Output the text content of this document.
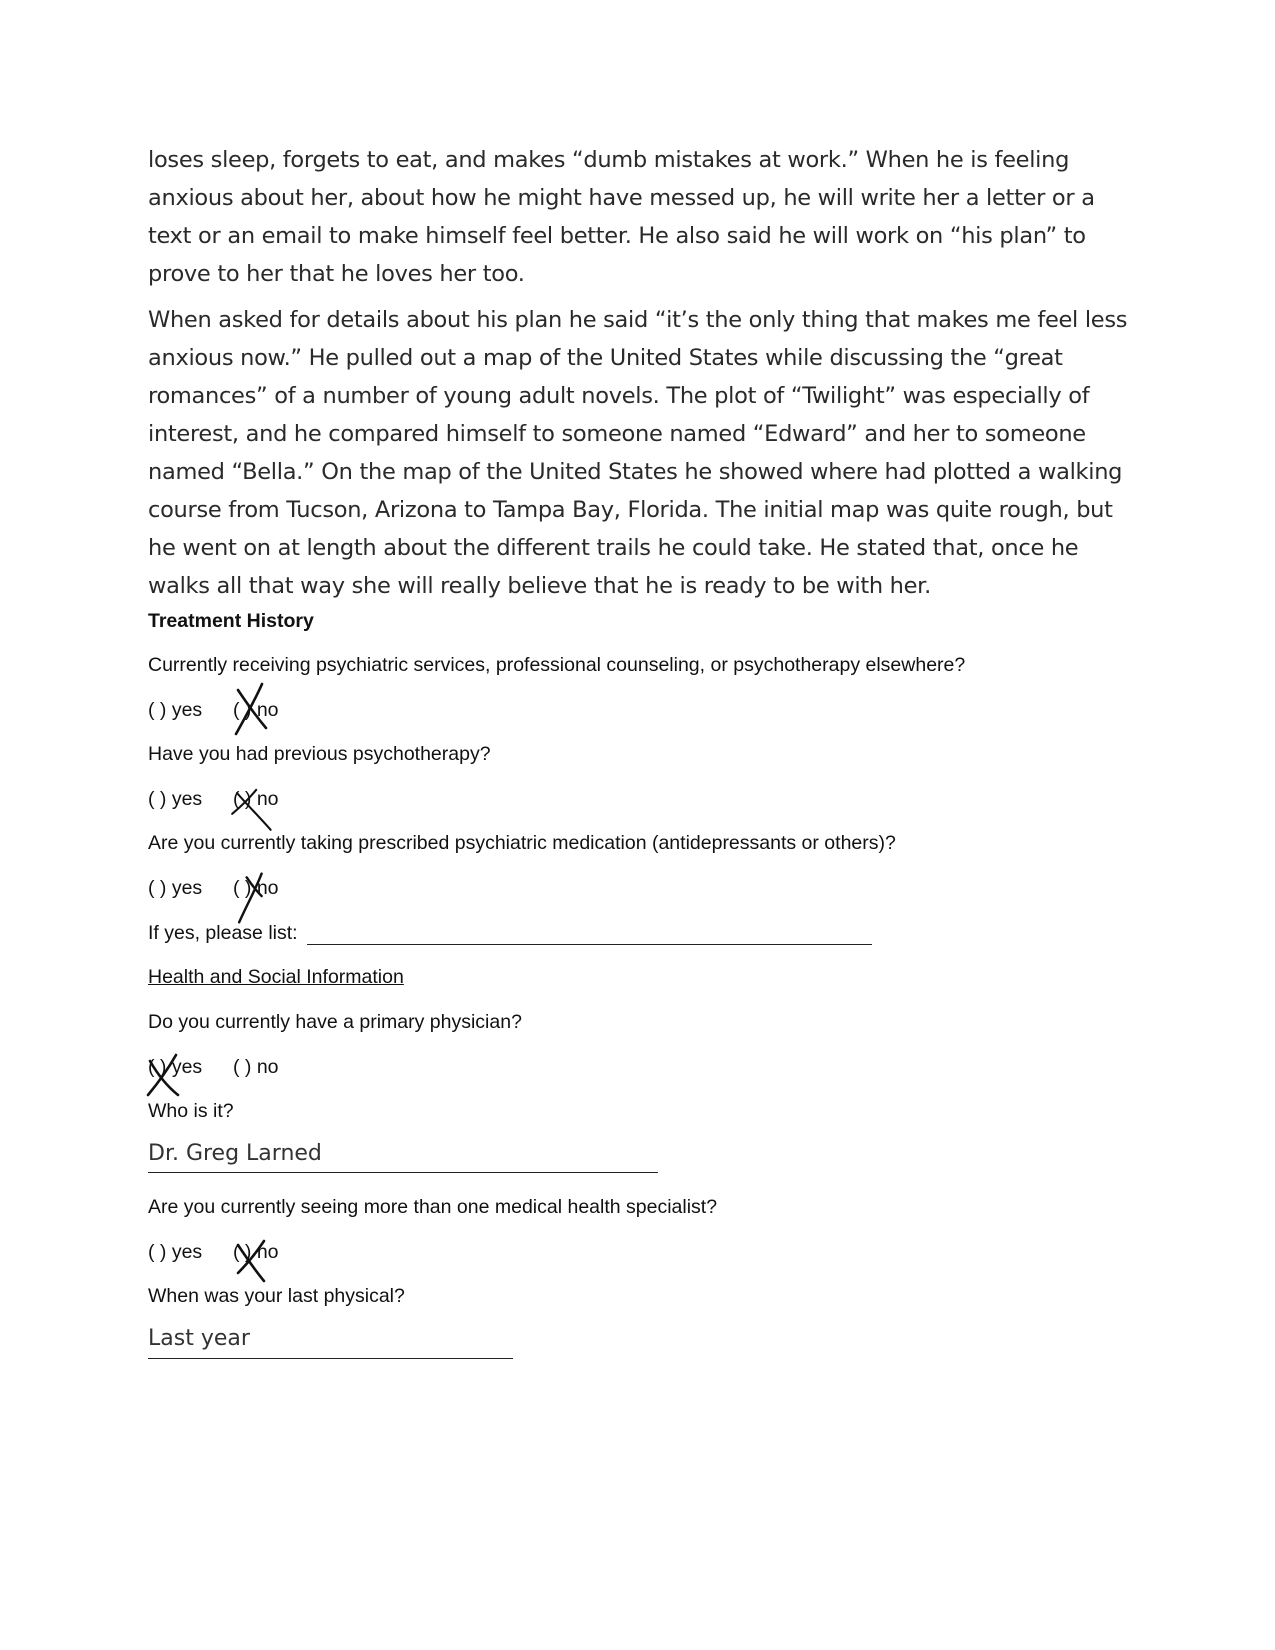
loses sleep, forgets to eat, and makes “dumb mistakes at work.” When he is feeling anxious about her, about how he might have messed up, he will write her a letter or a text or an email to make himself feel better. He also said he will work on “his plan” to prove to her that he loves her too.

When asked for details about his plan he said “it’s the only thing that makes me feel less anxious now.” He pulled out a map of the United States while discussing the “great romances” of a number of young adult novels. The plot of “Twilight” was especially of interest, and he compared himself to someone named “Edward” and her to someone named “Bella.” On the map of the United States he showed where had plotted a walking course from Tucson, Arizona to Tampa Bay, Florida. The initial map was quite rough, but he went on at length about the different trails he could take. He stated that, once he walks all that way she will really believe that he is ready to be with her.

Treatment History

Currently receiving psychiatric services, professional counseling, or psychotherapy elsewhere?

( ) yes ( ) no

Have you had previous psychotherapy?

( ) yes ( ) no

Are you currently taking prescribed psychiatric medication (antidepressants or others)?

( ) yes ( ) no

If yes, please list:

Health and Social Information

Do you currently have a primary physician?

( ) yes ( ) no

Who is it?

Dr. Greg Larned

Are you currently seeing more than one medical health specialist?

( ) yes ( ) no

When was your last physical?

Last year
